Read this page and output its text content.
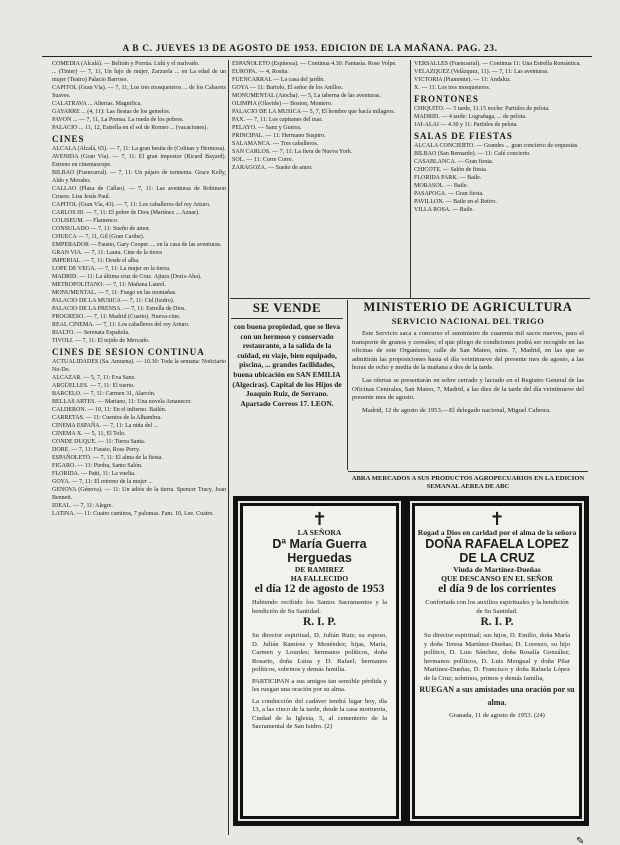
A B C. JUEVES 13 DE AGOSTO DE 1953. EDICION DE LA MAÑANA. PAG. 23.

COMEDIA (Alcalá). — Beltrán y Porrúa. Lulú y el malvado.

... (Tinter) — 7, 11, Un lujo de mujer, Zarzuela ... en La edad de un mujer (Teatro) Palacio Barroso.

CAPITOL (Gran Vía). — 7, 11, Los tres mosqueteros ... de los Cabarets Suaves.

CALATRAVA ... Alterias. Magnifica.

GAYARRE ... (4, 11): Las fiestas de los gemelos.

PAVON ... — 7, 11, La Prensa. La rueda de los pobres.

PALACIO ... 11, 12, Estrella en el sol de Romeo ... (vacaciones).

CINES

ALCALA (Alcalá, 65). — 7, 11: La gran bestia de (Colinas y Hermosa).

AVENIDA (Gran Vía). — 7, 11: El gran impostor (Ricard Bayard). Estreno en cinemascope.

BILBAO (Fuencarral). — 7, 11: Un pájaro de tormenta. Grace Kelly, Aldo y Morales.

CALLAO (Plaza de Callao). — 7, 11: Las aventuras de Robinson Crusoe. Lisa Jesús Paul.

CAPITOL (Gran Vía, 43). — 7, 11: Los caballeros del rey Arturo.

CARLOS III. — 7, 11: El pobre de Dios (Martínez ... Aznar).

COLISEUM. — Flamenco.

CONSULADO — 7, 11: Sueño de amor.

CHUECA — 7, 11, Gil (Gran Caribe).

EMPERADOR — Fausto, Gary Cooper. ... en la casa de las aventuras.

GRAN VIA. — 7, 11: Laura. Cine de la tierra

IMPERIAL. — 7, 11: Desde el alba.

LOPE DE VEGA. — 7, 11: La mujer en la tierra.

MADRID. — 11: La última cruz de Cruz. Ajtura (Doris-Aba).

METROPOLITANO. — 7, 11: Mañana Laurel.

MONUMENTAL. — 7, 11: Fuego en las montañas.

PALACIO DE LA MUSICA — 7, 11: Cid (Isidro).

PALACIO DE LA PRENSA. — 7, 11: Estrella de Dios.

PROGRESO. — 7, 11: Madrid (Cuarto). Nueva-cine.

REAL CINEMA. — 7, 11: Los caballeros del rey Arturo.

RIALTO. — Serenata Española.

TIVOLI. — 7, 11: El tejido de Mercado.

CINES DE SESION CONTINUA

ACTUALIDADES (Sa. Amuena). — 10.30: Toda la semana: Noticiario No-Do.

ALCAZAR. — 5, 7, 11: Eva Sanz.

ARGÜELLES. — 7, 11: El tuerto.

BARCELO. — 7, 11: Carmen 31, Alarcón.

BELLAS ARTES. — Mariano, 11: Una novela Amanecer.

CALDERON. — 10, 11: En el infierno. Bailén.

CARRETAS. — 11: Cuentos de la Alhambra.

CINEMA ESPAÑA. — 7, 11: La niña del ...

CINEMA X. — 5, 11, El Tolo.

CONDE DUQUE. — 11: Tierra Santa.

DORE. — 7, 11: Fausto, Ross Perry.

ESPAÑOLETO. — 7, 11: El alma de la fiesta.

FIGARO. — 11: Piedra, Santo Salón.

FLORIDA. — Patti, 11: La vuelta.

GOYA. — 7, 11: El retorno de la mujer ...

GENOVA (Génova). — 11: Un adiós de la tierra. Spencer Tracy, Joan Bennett.

IDEAL. — 7, 11: Alegre.

LATINA. — 11: Cuatro caminos, 7 palomas. Fam. 10, Lee. Cuatro.

ESPAÑOLETO (Espinosa). — Continua 4.30: Fantasía. Rose Volpe.

EUROPA. — 4, Rosita.

FUENCARRAL — La casa del jardín.

GOYA — 11: Bartolo, El señor de los Anillos.

MONUMENTAL (Atocha). — 5, La taberna de las aventuras.

OLIMPIA (Olavide) — Boston, Montero.

PALACIO DE LA MUSICA — 5, 7, El hombre que hacía milagros.

PAX. — 7, 11: Los capitanes del mar.

PELAYO. — Sanz y Guerra.

PRINCIPAL. — 11: Hermano Suspiro.

SALAMANCA. — Tres caballeros.

SAN CARLOS. — 7, 11: La fiera de Nueva York.

SOL. — 11: Corre Corre.

ZARAGOZA. — Sueño de amor.

VERSALLES (Fuencarral). — Continua 11: Una Estrella Romántica.

VELAZQUEZ (Velázquez, 11). — 7, 11: Las aventuras.

VICTORIA (Piamonte). — 11: Andaluz.

X. — 11: Los tres mosqueteros.

FRONTONES

CHIQUITO. — 5 tarde, 11.15 noche: Partidos de pelota.

MADRID. — 4 tarde: Lograñaga, ... de pelota.

JAI-ALAI — 4.30 y 11: Partidos de pelota.

SALAS DE FIESTAS

ALCALA CONCIERTO. — Grandes ... gran concierto de orquestas.

BILBAO (San Bernardo). — 11: Café concierto.

CASABLANCA. — Gran fiesta.

CHICOTE. — Salón de fiesta.

FLORIDA PARK. — Baile.

MORASOL. — Baile.

PASAPOGA. — Gran fiesta.

PAVILLON. — Baile en el Retiro.

VILLA ROSA. — Baile.

SE VENDE

con buena propiedad, que se lleva con un hermoso y conservado restaurante, a la salida de la cuidad, en viaje, bien equipado, piscina, ... grandes facilidades, buena ubicación en SAN EMILIA (Algeciras). Capital de los Hijos de Joaquín Ruiz, de Serrano. Apartado Correos 17. LEON.

MINISTERIO DE AGRICULTURA
SERVICIO NACIONAL DEL TRIGO

Este Servicio saca a concurso el suministro de cuarenta mil sacos nuevos, para el transporte de granos y cereales; el que pliego de condiciones podrá ser recogido en las oficinas de este Organismo, calle de San Mateo, núm. 7, Madrid, en las que se admitirán las proposiciones hasta el día veintinueve del presente mes de agosto, a las horas de ocho y media de la mañana a dos de la tarde.

Las ofertas se presentarán en sobre cerrado y lacrado en el Registro General de las Oficinas Centrales, San Mateo, 7, Madrid, a las diez de la tarde del día veintinueve del presente mes de agosto.

Madrid, 12 de agosto de 1953.—El delegado nacional, Miguel Cabrera.

ABRA MERCADOS A SUS PRODUCTOS AGROPECUARIOS EN LA EDICION SEMANAL AEREA DE ABC
✝
LA SEÑORA
Dª María Guerra Herguedas
DE RAMIREZ
HA FALLECIDO
el día 12 de agosto de 1953
Habiendo recibido los Santos Sacramentos y la bendición de Su Santidad.
R. I. P.
Su director espiritual, D. Julián Ruiz; su esposo, D. Julián Ramírez y Menéndez; hijas, María, Carmen y Lourdes; hermanos políticos, doña Rosario, doña Luisa y D. Rafael; hermanos políticos, sobrinos y demás familia.
PARTICIPAN a sus amigos tan sensible pérdida y les ruegan una oración por su alma.
La conducción del cadáver tendrá lugar hoy, día 13, a las cinco de la tarde, desde la casa mortuoria, Ciudad de la Iglesia, 5, al cementerio de la Sacramental de San Isidro. (2)
✝
Rogad a Dios en caridad por el alma de la señora
DOÑA RAFAELA LOPEZ
DE LA CRUZ
Viuda de Martínez-Dueñas
QUE DESCANSO EN EL SEÑOR
el día 9 de los corrientes
Confortada con los auxilios espirituales y la bendición de Su Santidad.
R. I. P.
Su director espiritual; sus hijos, D. Emilio, doña María y doña Teresa Martínez-Dueñas; D. Lorenzo, su hijo político, D. Luis Sánchez, doña Rosalía González; hermanos políticos, D. Luis Mengual y doña Pilar Martínez-Dueñas, D. Francisco y doña Rafaela López de la Cruz; sobrinos, primos y demás familia,
RUEGAN a sus amistades una oración por su alma.
Granada, 11 de agosto de 1953. (24)
✎
